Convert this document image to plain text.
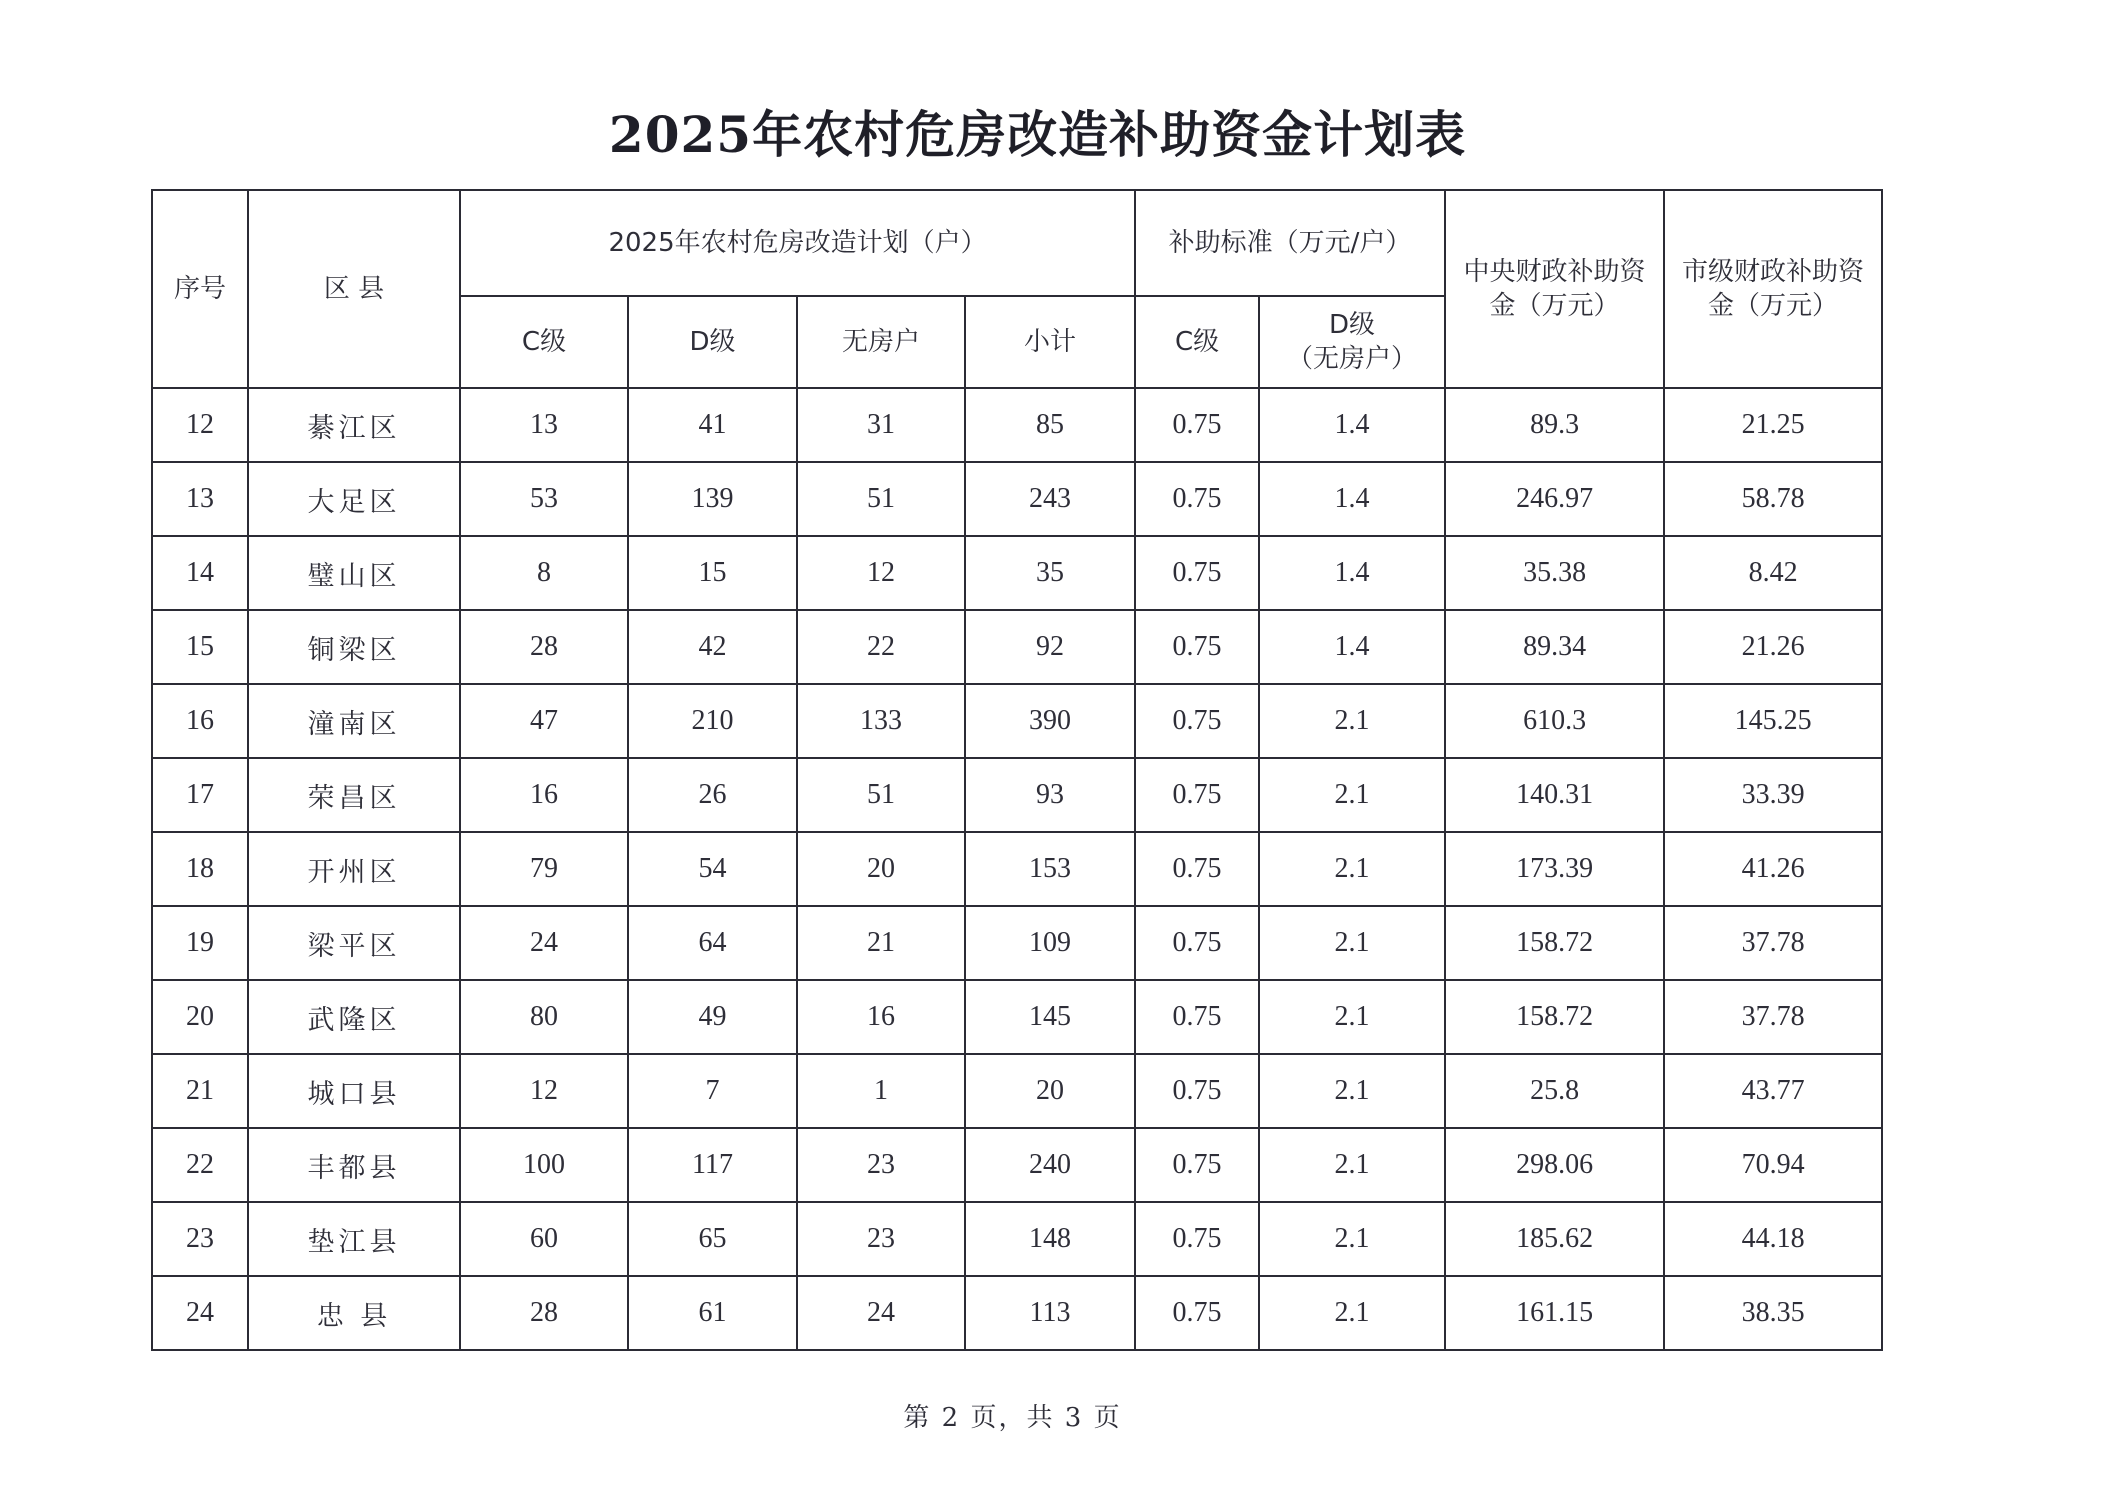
2025年农村危房改造补助资金计划表
序号	区 县	2025年农村危房改造计划（户）				补助标准（万元/户）		中央财政补助资
金（万元）	市级财政补助资
金（万元）

		C级	D级	无房户	小计	C级	D级
（无房户）		

12	綦江区	13	41	31	85	0.75	1.4	89.3	21.25
13	大足区	53	139	51	243	0.75	1.4	246.97	58.78
14	璧山区	8	15	12	35	0.75	1.4	35.38	8.42
15	铜梁区	28	42	22	92	0.75	1.4	89.34	21.26
16	潼南区	47	210	133	390	0.75	2.1	610.3	145.25
17	荣昌区	16	26	51	93	0.75	2.1	140.31	33.39
18	开州区	79	54	20	153	0.75	2.1	173.39	41.26
19	梁平区	24	64	21	109	0.75	2.1	158.72	37.78
20	武隆区	80	49	16	145	0.75	2.1	158.72	37.78
21	城口县	12	7	1	20	0.75	2.1	25.8	43.77
22	丰都县	100	117	23	240	0.75	2.1	298.06	70.94
23	垫江县	60	65	23	148	0.75	2.1	185.62	44.18
24	忠 县	28	61	24	113	0.75	2.1	161.15	38.35
第 2 页，共 3 页
